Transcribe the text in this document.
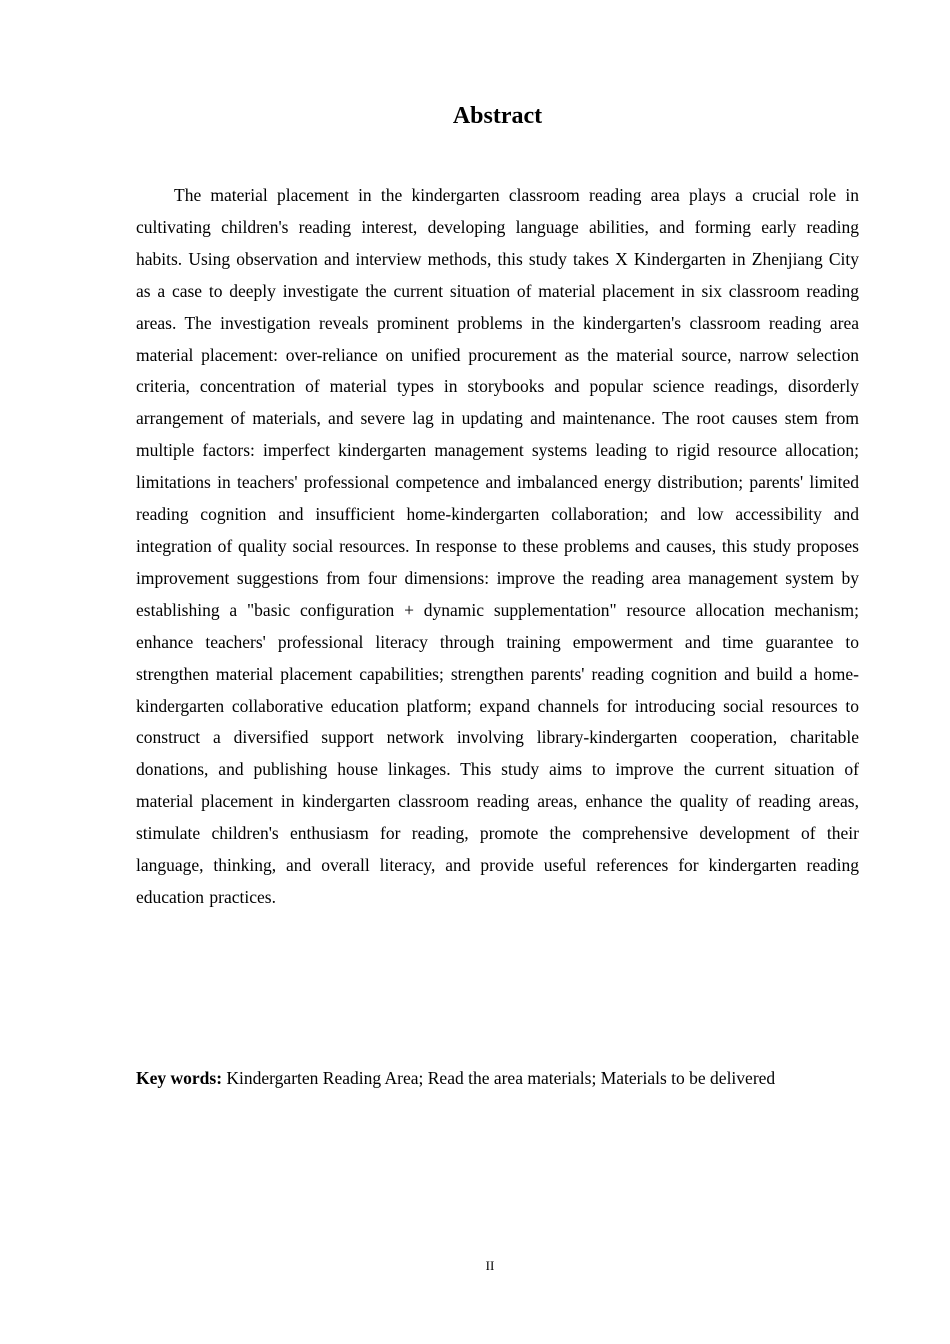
Abstract

The material placement in the kindergarten classroom reading area plays a crucial role in cultivating children's reading interest, developing language abilities, and forming early reading habits. Using observation and interview methods, this study takes X Kindergarten in Zhenjiang City as a case to deeply investigate the current situation of material placement in six classroom reading areas. The investigation reveals prominent problems in the kindergarten's classroom reading area material placement: over-reliance on unified procurement as the material source, narrow selection criteria, concentration of material types in storybooks and popular science readings, disorderly arrangement of materials, and severe lag in updating and maintenance. The root causes stem from multiple factors: imperfect kindergarten management systems leading to rigid resource allocation; limitations in teachers' professional competence and imbalanced energy distribution; parents' limited reading cognition and insufficient home-kindergarten collaboration; and low accessibility and integration of quality social resources. In response to these problems and causes, this study proposes improvement suggestions from four dimensions: improve the reading area management system by establishing a "basic configuration + dynamic supplementation" resource allocation mechanism; enhance teachers' professional literacy through training empowerment and time guarantee to strengthen material placement capabilities; strengthen parents' reading cognition and build a home-kindergarten collaborative education platform; expand channels for introducing social resources to construct a diversified support network involving library-kindergarten cooperation, charitable donations, and publishing house linkages. This study aims to improve the current situation of material placement in kindergarten classroom reading areas, enhance the quality of reading areas, stimulate children's enthusiasm for reading, promote the comprehensive development of their language, thinking, and overall literacy, and provide useful references for kindergarten reading education practices.

Key words: Kindergarten Reading Area; Read the area materials; Materials to be delivered

II
